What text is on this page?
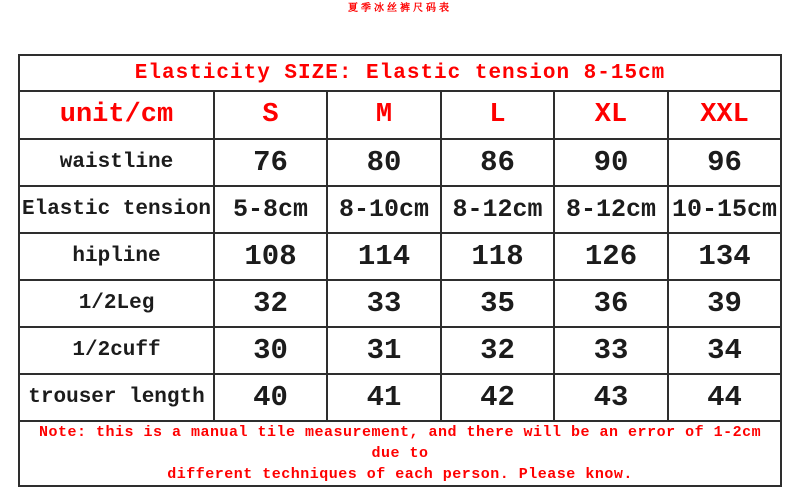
夏季冰丝裤尺码表
Elasticity SIZE: Elastic tension 8-15cm					
unit/cm	S	M	L	XL	XXL
waistline	76	80	86	90	96
Elastic tension	5-8cm	8-10cm	8-12cm	8-12cm	10-15cm
hipline	108	114	118	126	134
1/2Leg	32	33	35	36	39
1/2cuff	30	31	32	33	34
trouser length	40	41	42	43	44

Note: this is a manual tile measurement, and there will be an error of 1-2cm due to
different techniques of each person. Please know.					
